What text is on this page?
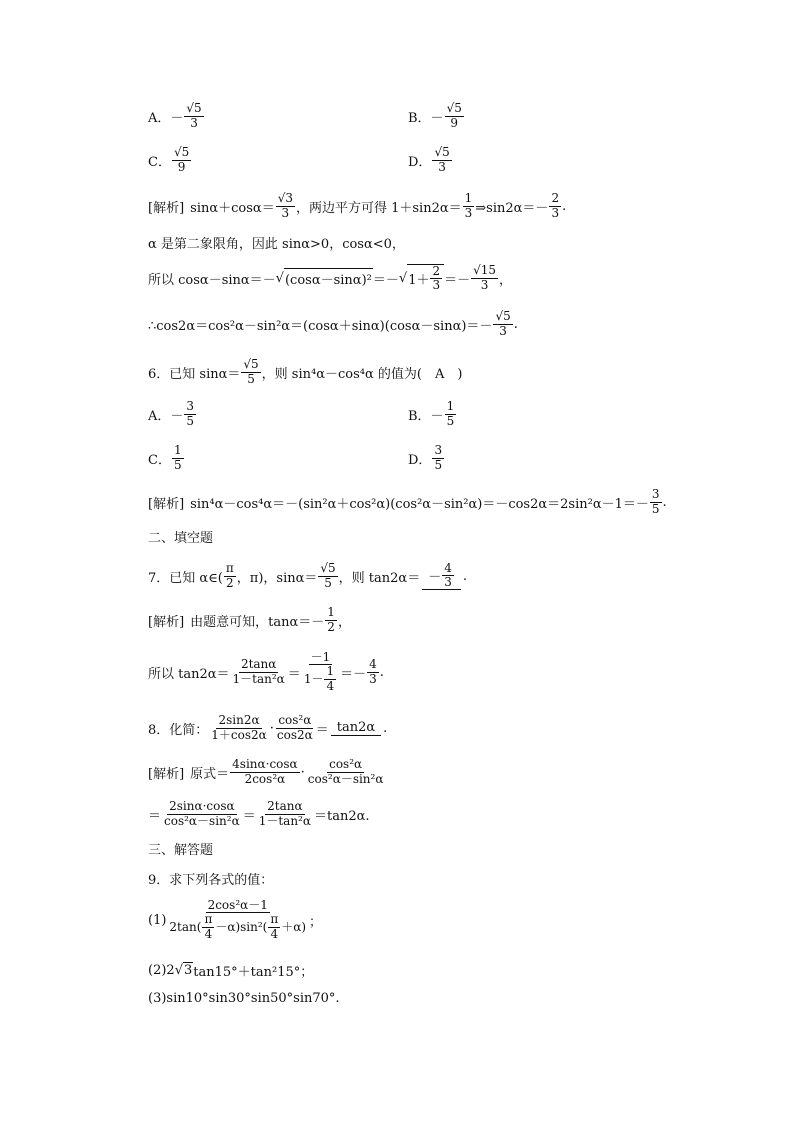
A．－ $\frac{√5}{3}$	B．－ $\frac{√5}{9}$
C． $\frac{√5}{9}$	D． $\frac{√5}{3}$
[解析] $\sin\alpha+\cos\alpha= \frac{√3}{3}$ ，两边平方可得 $1+\sin 2\alpha= \frac{1}{3}$ ⇒sin2α＝－ $\frac{2}{3}$ .
α 是第二象限角，因此 sinα>0，cosα<0，
所以 cosα－sinα＝－ √ (cosα－sinα)² ＝－ √ $1+ \frac{2}{3} =- \frac{√15}{3}$ ，
∴cos2α＝cos²α－sin²α＝(cosα＋sinα)(cosα－sinα)＝－ $\frac{√5}{3}$ .
6．已知 $\sin\alpha= \frac{√5}{5}$ ，则 sin⁴α－cos⁴α 的值为(　A　)
A．－ $\frac{3}{5}$	B．－ $\frac{1}{5}$
C． $\frac{1}{5}$	D． $\frac{3}{5}$
[解析] $\sin^4\alpha-\cos^4\alpha=-(\sin^2\alpha+\cos^2\alpha)(\cos^2\alpha-\sin^2\alpha)=-\cos 2\alpha=2\sin^2\alpha-1=- \frac{3}{5}$ .
二、填空题
7．已知 α∈( $\frac{\pi}{2}$ ，π)，$\sin\alpha= \frac{√5}{5}$ ，则 $\tan 2\alpha= - \frac{4}{3}$ .
[解析] 由题意可知，$\tan\alpha=- \frac{1}{2}$ ，
所以 $\tan 2\alpha= \frac{2\tan\alpha}{\text{1－tan²α}} = \frac{-1}{1- \frac{1}{4}} =- \frac{4}{3}$ .
8．化简： $\frac{2\sin 2\alpha}{1+\cos 2\alpha} \cdot \frac{\text{cos²α}}{\cos 2\alpha} = \tan 2\alpha$ .
[解析] 原式＝ $\frac{4\sin\alpha\cdot\cos\alpha}{\text{2cos²α}} \cdot \frac{\text{cos²α}}{\text{cos²α－sin²α}}$
＝ $\frac{2\sin\alpha\cdot\cos\alpha}{\text{cos²α－sin²α}} = \frac{2\tan\alpha}{\text{1－tan²α}} =\tan 2\alpha$.
三、解答题
9．求下列各式的值：
$(1) \frac{\text{2cos²α－1}}{2\tan( \frac{\pi}{4} -\alpha)\sin^2( \frac{\pi}{4} +\alpha)}$ ；
(2)2 √ 3 tan15°＋tan²15°；
(3)sin10°sin30°sin50°sin70°.
